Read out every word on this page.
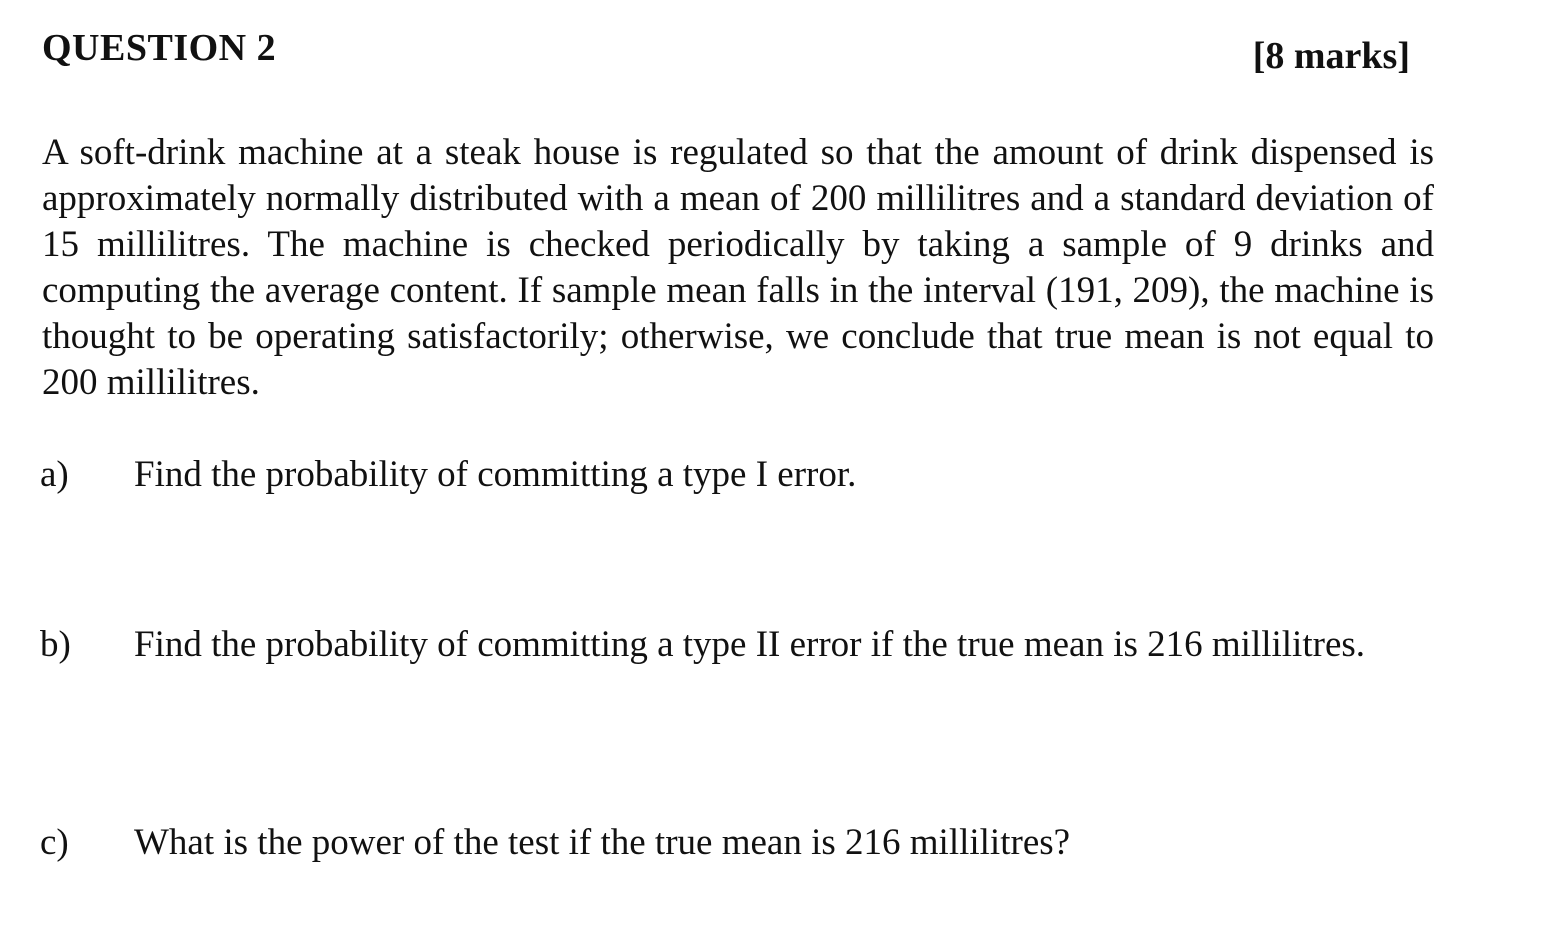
QUESTION 2	[8 marks]
A soft-drink machine at a steak house is regulated so that the amount of drink dispensed is approximately normally distributed with a mean of 200 millilitres and a standard deviation of 15 millilitres. The machine is checked periodically by taking a sample of 9 drinks and computing the average content. If sample mean falls in the interval (191, 209), the machine is thought to be operating satisfactorily; otherwise, we conclude that true mean is not equal to 200 millilitres.
a)	Find the probability of committing a type I error.
b)	Find the probability of committing a type II error if the true mean is 216 millilitres.
c)	What is the power of the test if the true mean is 216 millilitres?
